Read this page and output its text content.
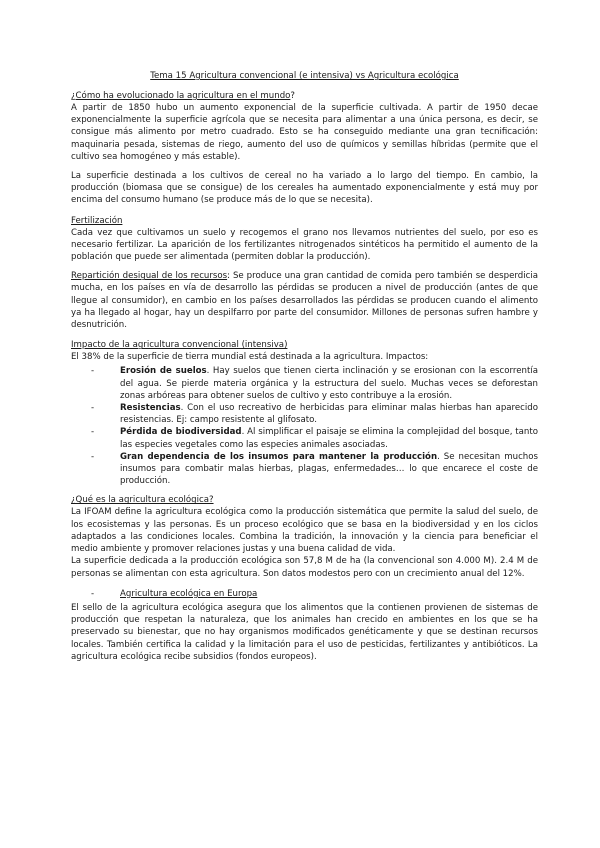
Tema 15 Agricultura convencional (e intensiva) vs Agricultura ecológica
¿Cómo ha evolucionado la agricultura en el mundo?

A partir de 1850 hubo un aumento exponencial de la superficie cultivada. A partir de 1950 decae exponencialmente la superficie agrícola que se necesita para alimentar a una única persona, es decir, se consigue más alimento por metro cuadrado. Esto se ha conseguido mediante una gran tecnificación: maquinaria pesada, sistemas de riego, aumento del uso de químicos y semillas híbridas (permite que el cultivo sea homogéneo y más estable).

La superficie destinada a los cultivos de cereal no ha variado a lo largo del tiempo. En cambio, la producción (biomasa que se consigue) de los cereales ha aumentado exponencialmente y está muy por encima del consumo humano (se produce más de lo que se necesita).

Fertilización

Cada vez que cultivamos un suelo y recogemos el grano nos llevamos nutrientes del suelo, por eso es necesario fertilizar. La aparición de los fertilizantes nitrogenados sintéticos ha permitido el aumento de la población que puede ser alimentada (permiten doblar la producción).

Repartición desigual de los recursos: Se produce una gran cantidad de comida pero también se desperdicia mucha, en los países en vía de desarrollo las pérdidas se producen a nivel de producción (antes de que llegue al consumidor), en cambio en los países desarrollados las pérdidas se producen cuando el alimento ya ha llegado al hogar, hay un despilfarro por parte del consumidor. Millones de personas sufren hambre y desnutrición.

Impacto de la agricultura convencional (intensiva)

El 38% de la superficie de tierra mundial está destinada a la agricultura. Impactos:

-	Erosión de suelos. Hay suelos que tienen cierta inclinación y se erosionan con la escorrentía del agua. Se pierde materia orgánica y la estructura del suelo. Muchas veces se deforestan zonas arbóreas para obtener suelos de cultivo y esto contribuye a la erosión.
-	Resistencias. Con el uso recreativo de herbicidas para eliminar malas hierbas han aparecido resistencias. Ej: campo resistente al glifosato.
-	Pérdida de biodiversidad. Al simplificar el paisaje se elimina la complejidad del bosque, tanto las especies vegetales como las especies animales asociadas.
-	Gran dependencia de los insumos para mantener la producción. Se necesitan muchos insumos para combatir malas hierbas, plagas, enfermedades… lo que encarece el coste de producción.
¿Qué es la agricultura ecológica?

La IFOAM define la agricultura ecológica como la producción sistemática que permite la salud del suelo, de los ecosistemas y las personas. Es un proceso ecológico que se basa en la biodiversidad y en los ciclos adaptados a las condiciones locales. Combina la tradición, la innovación y la ciencia para beneficiar el medio ambiente y promover relaciones justas y una buena calidad de vida.

La superficie dedicada a la producción ecológica son 57,8 M de ha (la convencional son 4.000 M). 2.4 M de personas se alimentan con esta agricultura. Son datos modestos pero con un crecimiento anual del 12%.

-	Agricultura ecológica en Europa

El sello de la agricultura ecológica asegura que los alimentos que la contienen provienen de sistemas de producción que respetan la naturaleza, que los animales han crecido en ambientes en los que se ha preservado su bienestar, que no hay organismos modificados genéticamente y que se destinan recursos locales. También certifica la calidad y la limitación para el uso de pesticidas, fertilizantes y antibióticos. La agricultura ecológica recibe subsidios (fondos europeos).
